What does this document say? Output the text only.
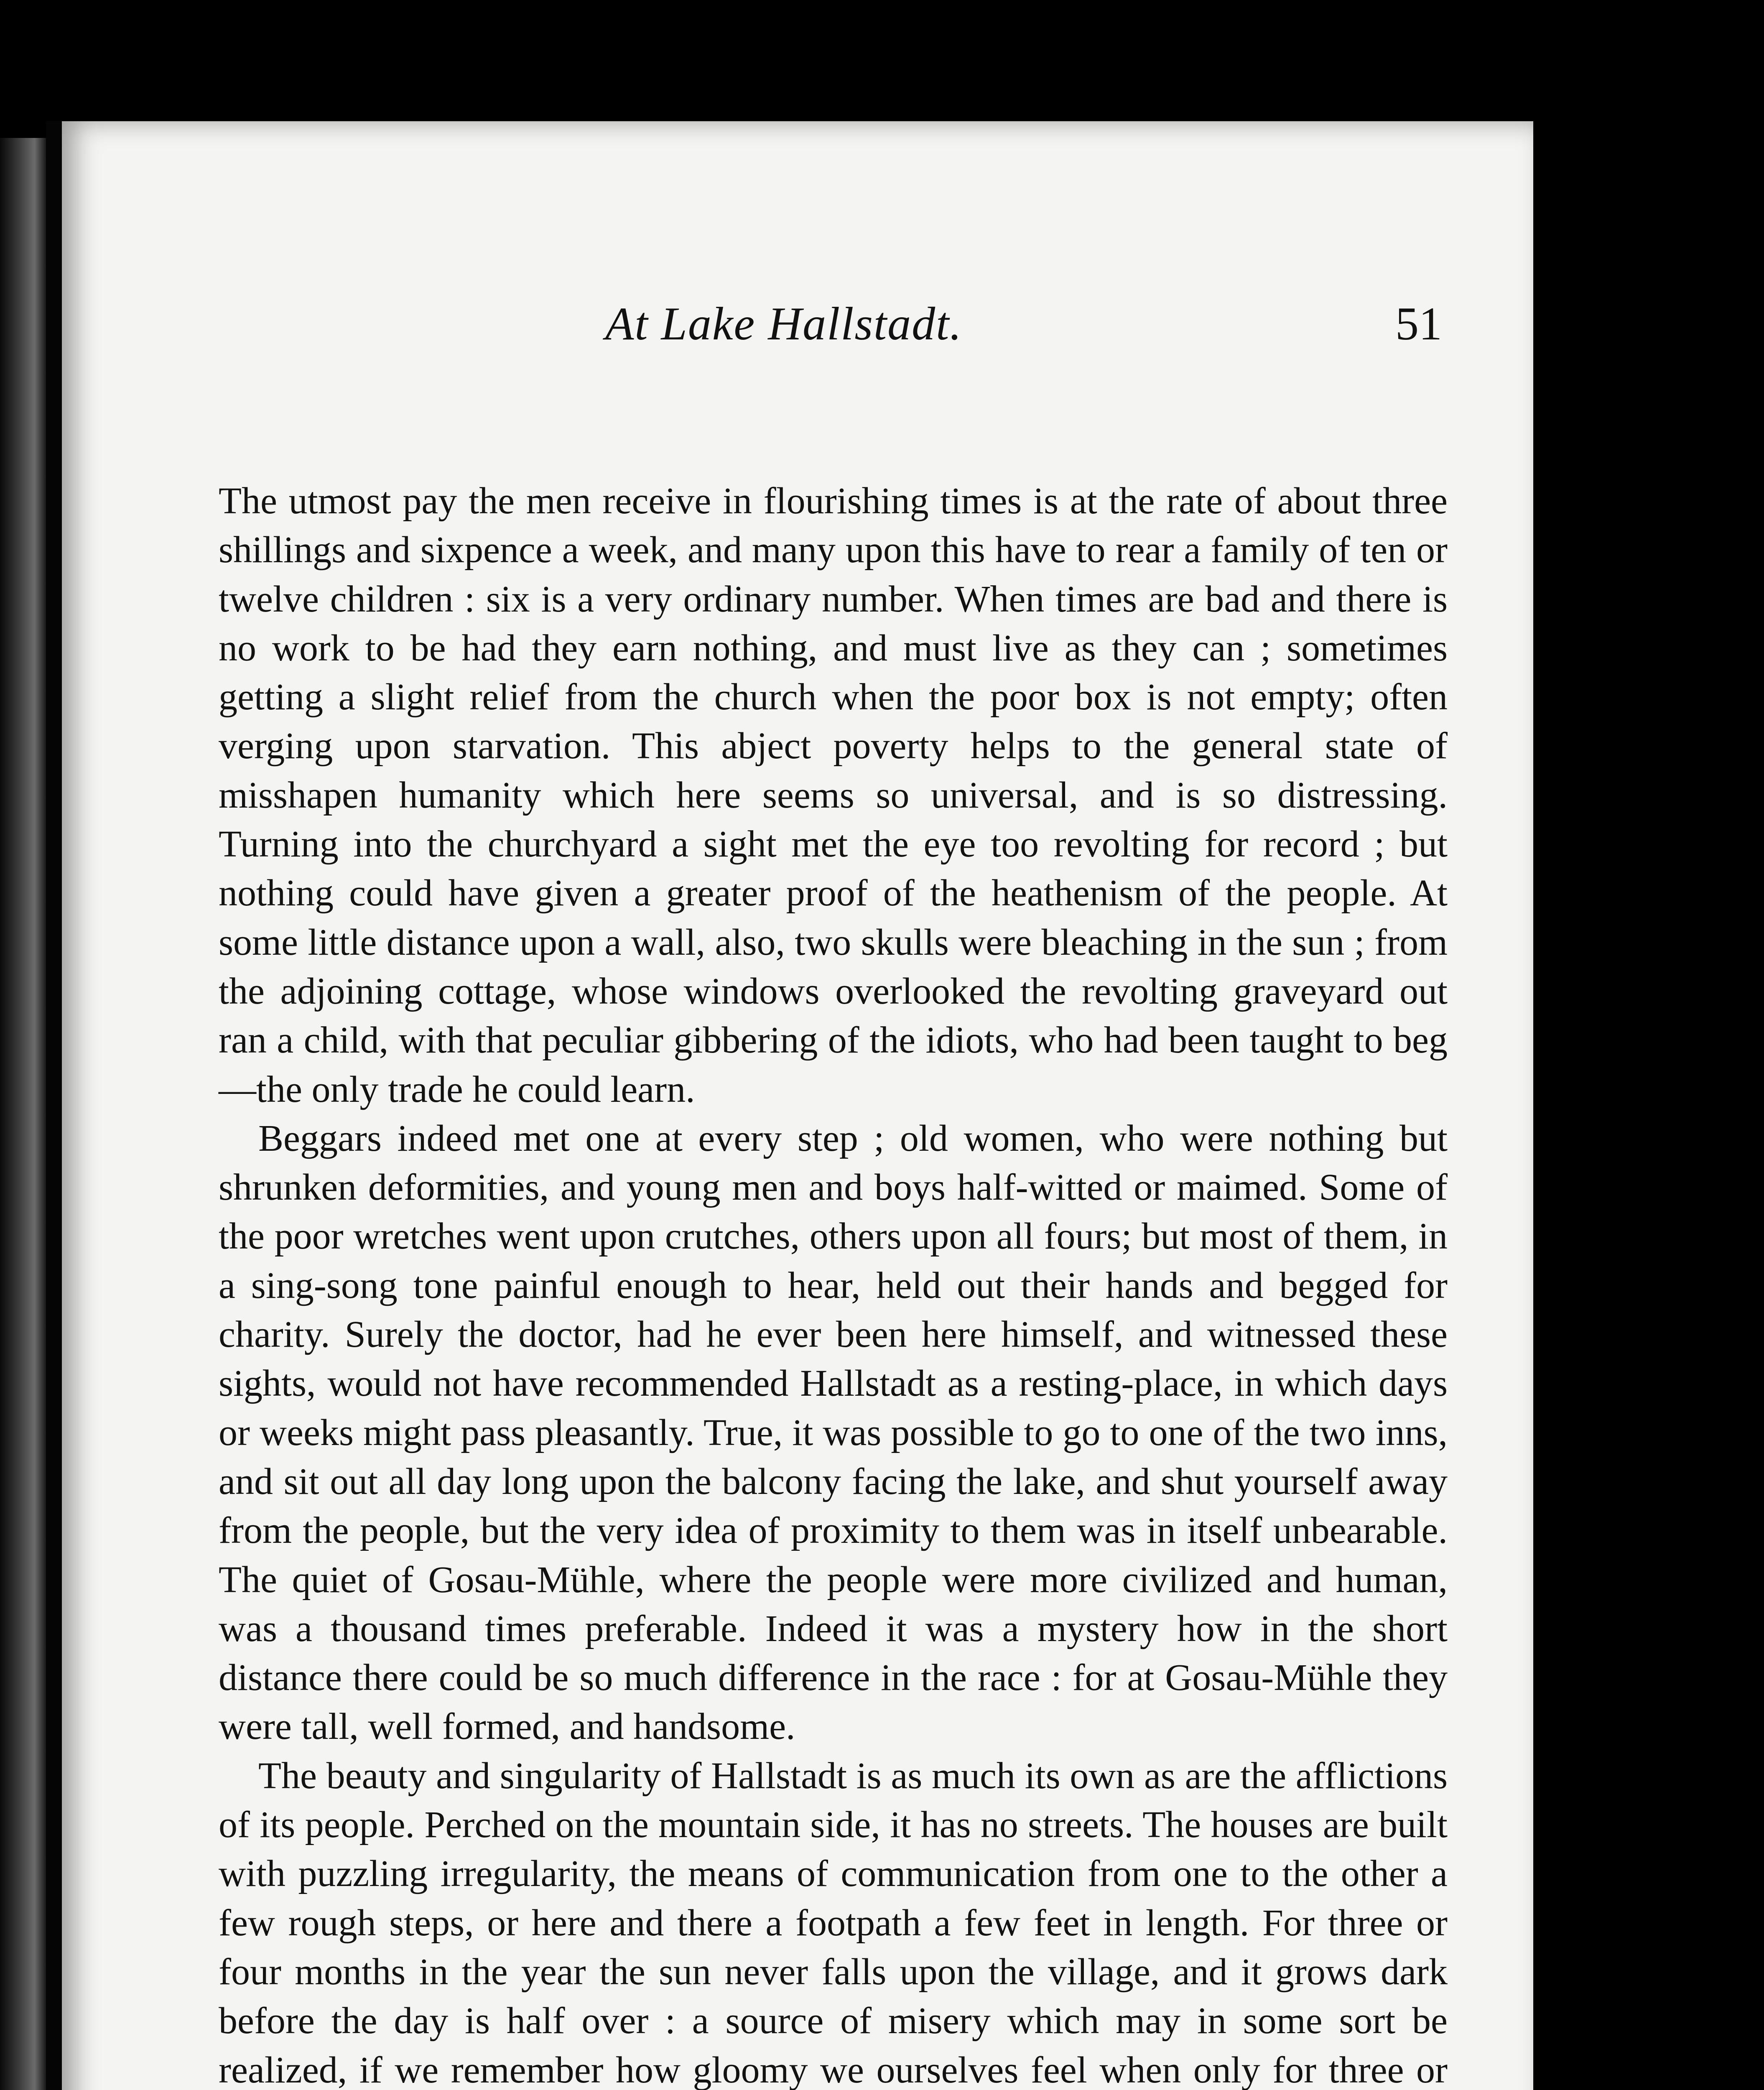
At Lake Hallstadt.	51

The utmost pay the men receive in flourishing times is at the rate of about three shillings and sixpence a week, and many upon this have to rear a family of ten or twelve children : six is a very ordinary number. When times are bad and there is no work to be had they earn nothing, and must live as they can ; sometimes getting a slight relief from the church when the poor box is not empty; often verging upon starvation. This abject poverty helps to the general state of misshapen humanity which here seems so universal, and is so distressing. Turning into the churchyard a sight met the eye too revolting for record ; but nothing could have given a greater proof of the heathenism of the people. At some little distance upon a wall, also, two skulls were bleaching in the sun ; from the adjoining cottage, whose windows overlooked the revolting graveyard out ran a child, with that peculiar gibbering of the idiots, who had been taught to beg—the only trade he could learn.

Beggars indeed met one at every step ; old women, who were nothing but shrunken deformities, and young men and boys half-witted or maimed. Some of the poor wretches went upon crutches, others upon all fours; but most of them, in a sing-song tone painful enough to hear, held out their hands and begged for charity. Surely the doctor, had he ever been here himself, and witnessed these sights, would not have recommended Hallstadt as a resting-place, in which days or weeks might pass pleasantly. True, it was possible to go to one of the two inns, and sit out all day long upon the balcony facing the lake, and shut yourself away from the people, but the very idea of proximity to them was in itself unbearable. The quiet of Gosau-Mühle, where the people were more civilized and human, was a thousand times preferable. Indeed it was a mystery how in the short distance there could be so much difference in the race : for at Gosau-Mühle they were tall, well formed, and handsome.

The beauty and singularity of Hallstadt is as much its own as are the afflictions of its people. Perched on the mountain side, it has no streets. The houses are built with puzzling irregularity, the means of communication from one to the other a few rough steps, or here and there a footpath a few feet in length. For three or four months in the year the sun never falls upon the village, and it grows dark before the day is half over : a source of misery which may in some sort be realized, if we remember how gloomy we ourselves feel when only for three or
